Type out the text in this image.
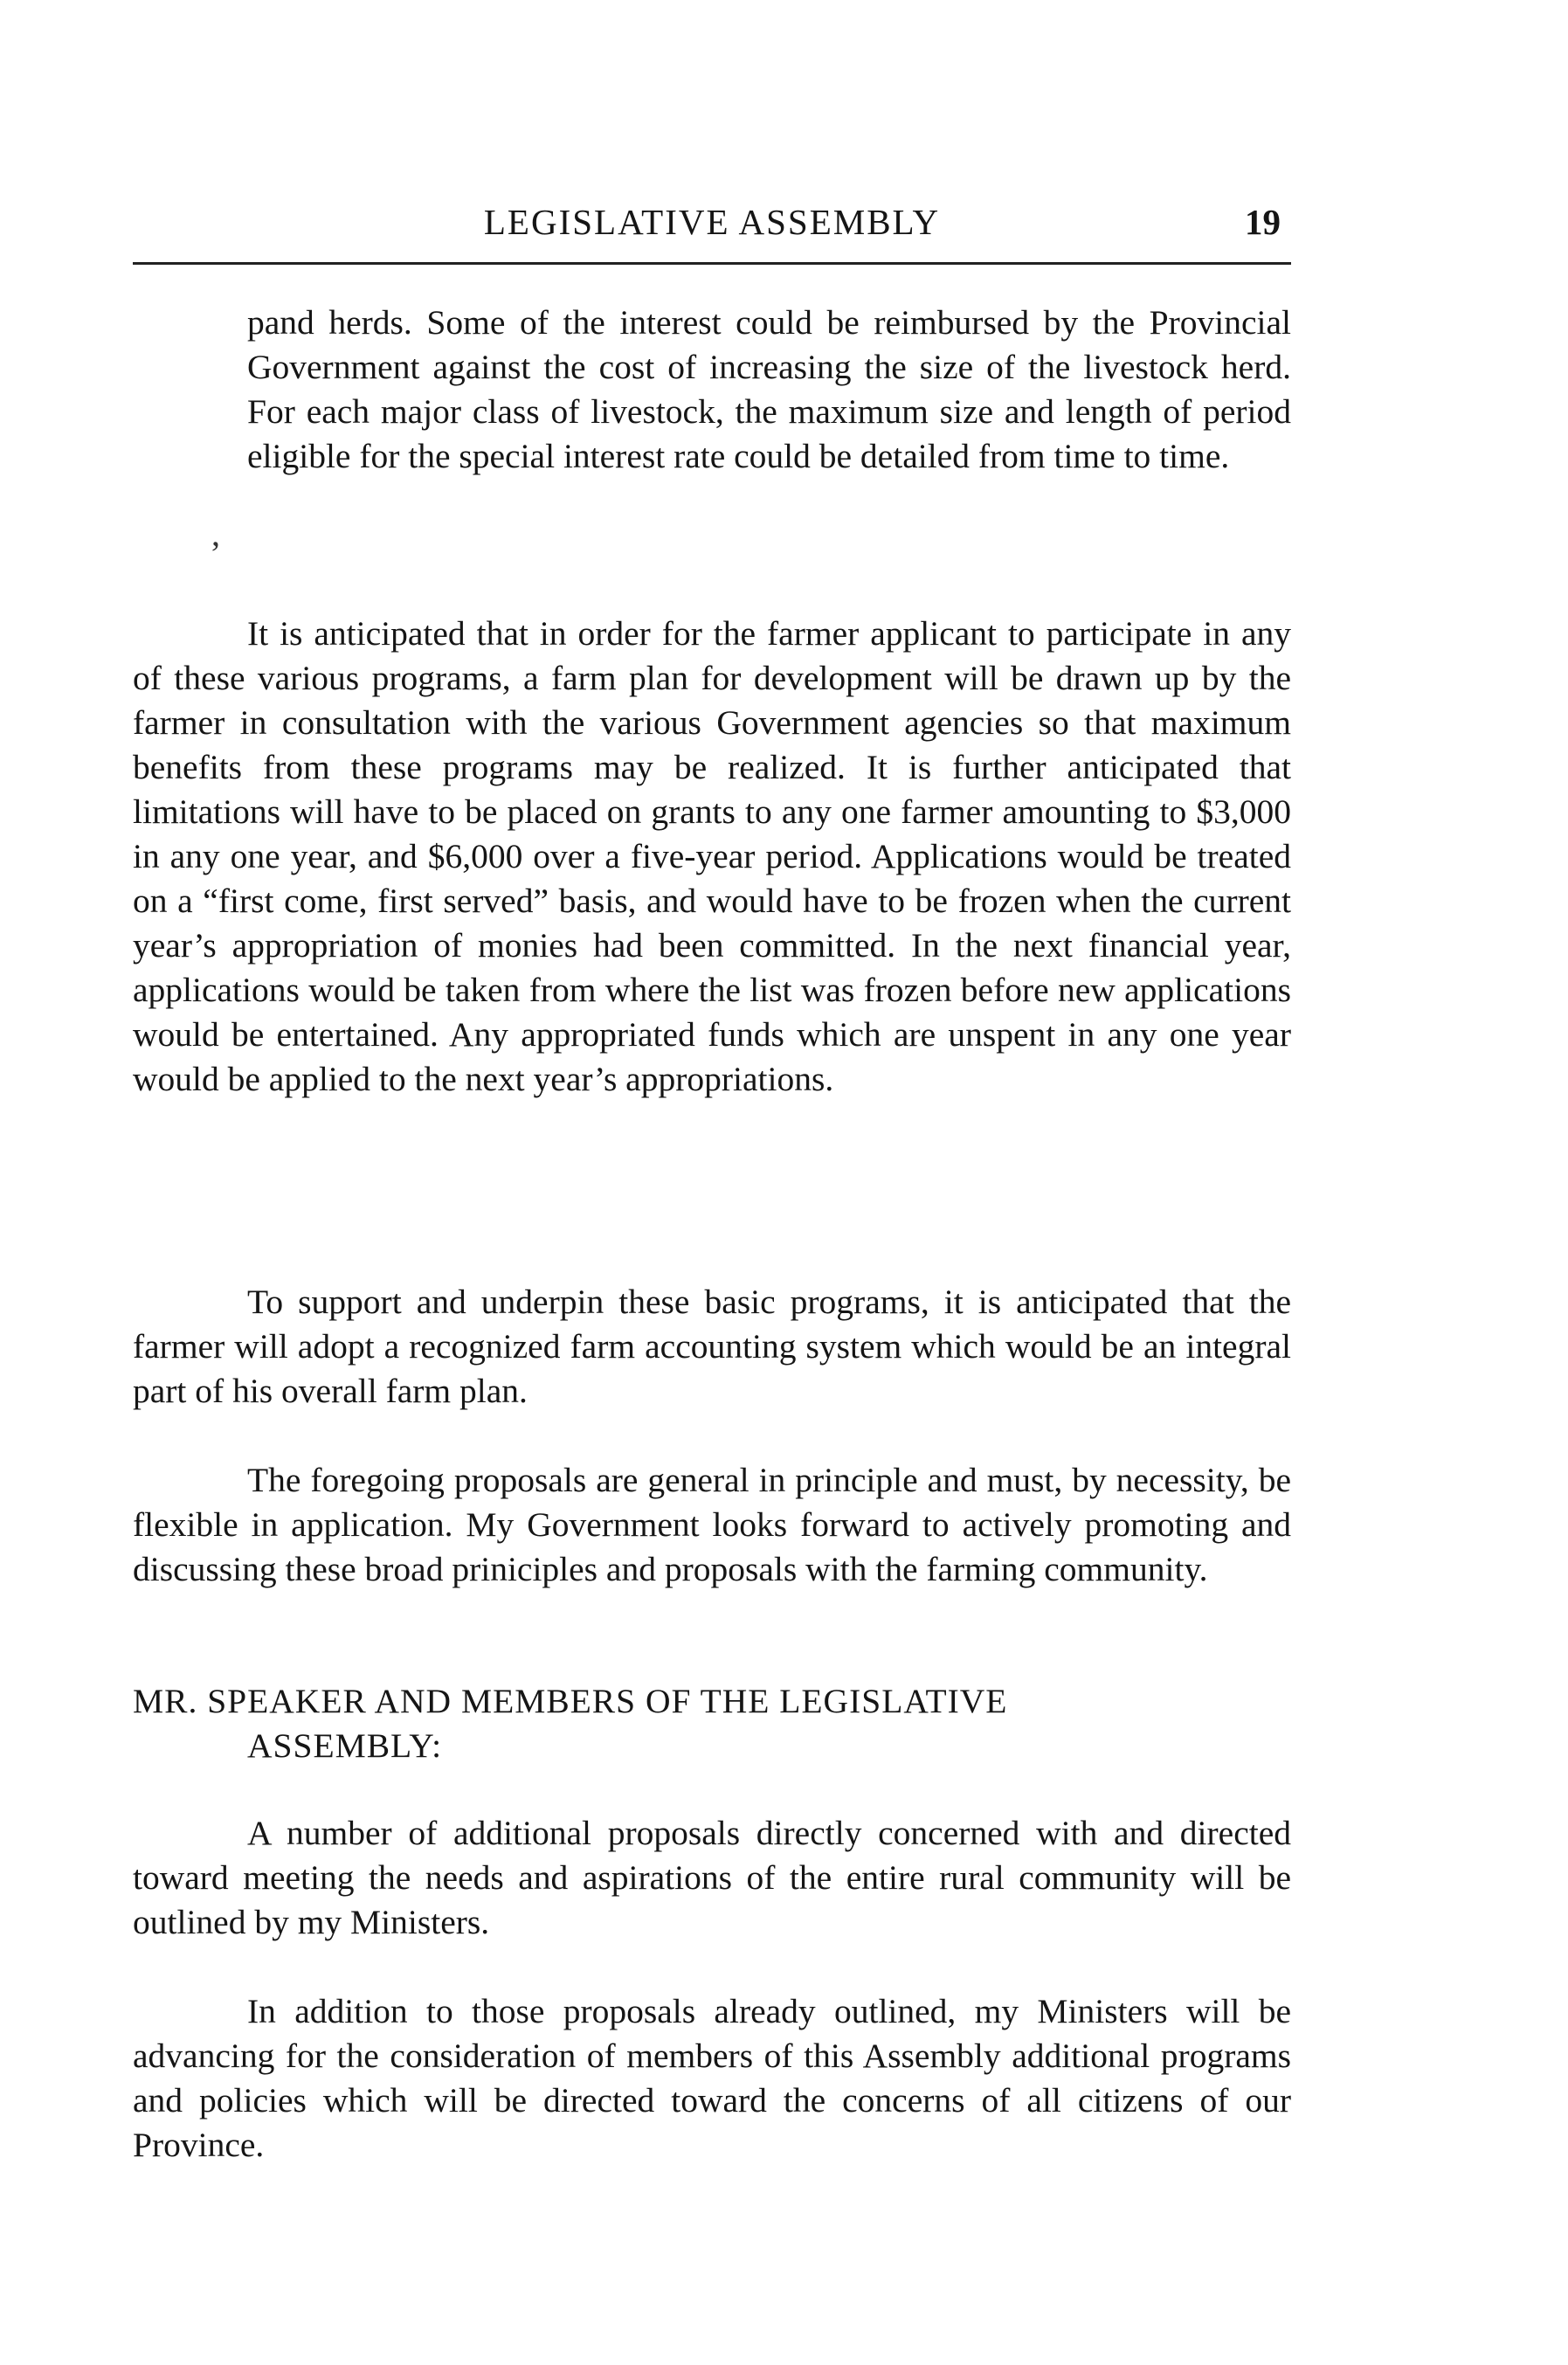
LEGISLATIVE ASSEMBLY	19

pand herds. Some of the interest could be reimbursed by the Provincial Government against the cost of increasing the size of the livestock herd. For each major class of livestock, the maximum size and length of period eligible for the special interest rate could be detailed from time to time.

’

It is anticipated that in order for the farmer applicant to participate in any of these various programs, a farm plan for development will be drawn up by the farmer in consultation with the various Government agencies so that maximum benefits from these programs may be realized. It is further anticipated that limitations will have to be placed on grants to any one farmer amounting to $3,000 in any one year, and $6,000 over a five-year period. Applications would be treated on a “first come, first served” basis, and would have to be frozen when the current year’s appropriation of monies had been committed. In the next financial year, applications would be taken from where the list was frozen before new applications would be entertained. Any appropriated funds which are unspent in any one year would be applied to the next year’s appropriations.

To support and underpin these basic programs, it is anticipated that the farmer will adopt a recognized farm accounting system which would be an integral part of his overall farm plan.

The foregoing proposals are general in principle and must, by necessity, be flexible in application. My Government looks forward to actively promoting and discussing these broad priniciples and proposals with the farming community.

MR. SPEAKER AND MEMBERS OF THE LEGISLATIVE
ASSEMBLY:

A number of additional proposals directly concerned with and directed toward meeting the needs and aspirations of the entire rural community will be outlined by my Ministers.

In addition to those proposals already outlined, my Ministers will be advancing for the consideration of members of this Assembly additional programs and policies which will be directed toward the concerns of all citizens of our Province.
